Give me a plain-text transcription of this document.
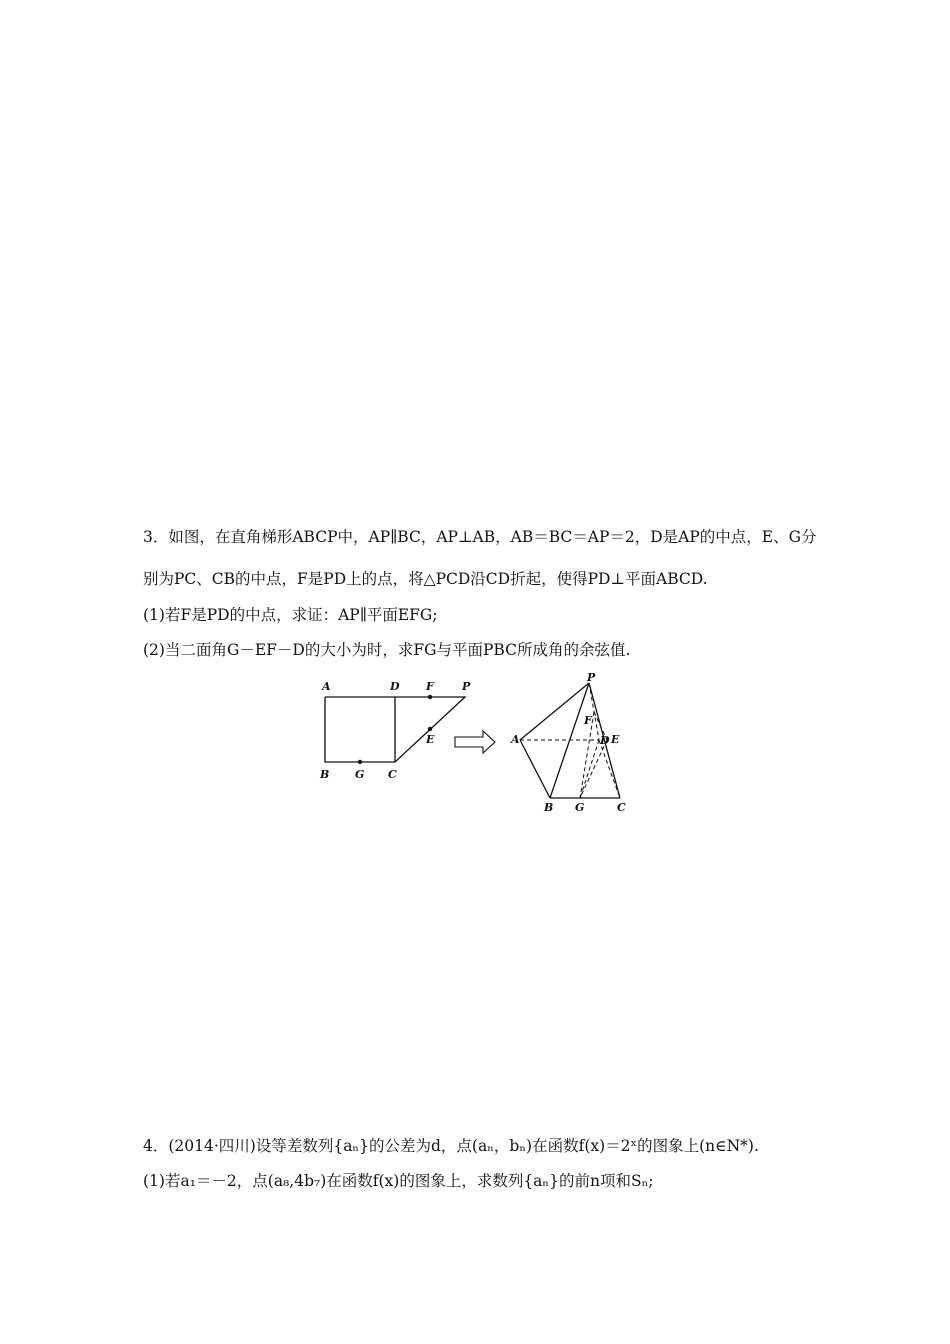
3．如图，在直角梯形ABCP中，AP∥BC，AP⊥AB，AB＝BC＝AP＝2，D是AP的中点，E、G分
别为PC、CB的中点，F是PD上的点，将△PCD沿CD折起，使得PD⊥平面ABCD.
(1)若F是PD的中点，求证：AP∥平面EFG;
(2)当二面角G－EF－D的大小为时，求FG与平面PBC所成角的余弦值.
A	D F	P
B G C
E
P
F
E
A	D
B G	C
4．(2014·四川)设等差数列{aₙ}的公差为d，点(aₙ，bₙ)在函数f(x)＝2ˣ的图象上(n∈N*).
(1)若a₁＝－2，点(a₈,4b₇)在函数f(x)的图象上，求数列{aₙ}的前n项和Sₙ;
